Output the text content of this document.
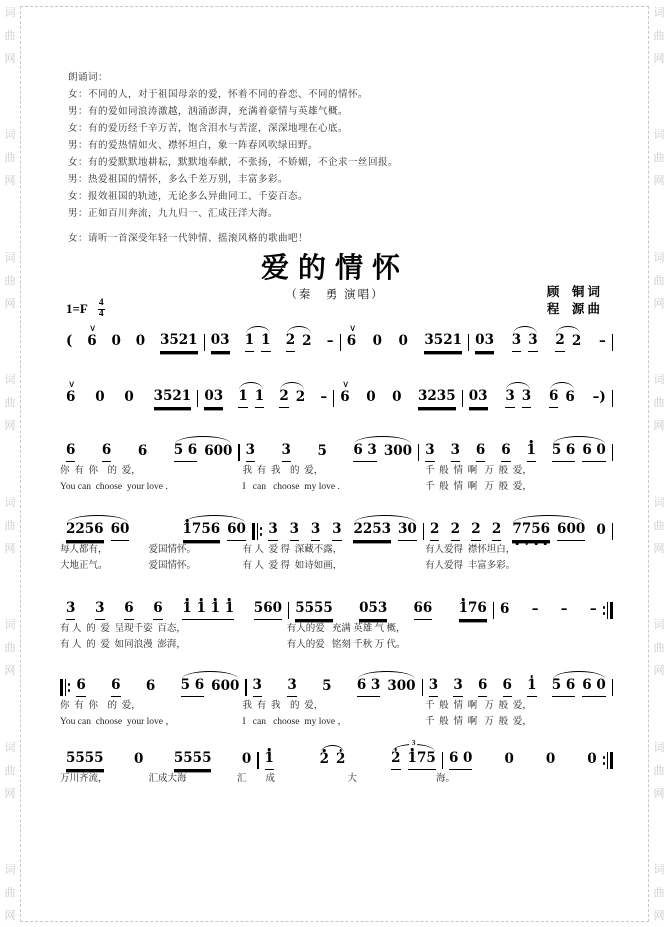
词
曲
网
词
曲
网
词
曲
网
词
曲
网
词
曲
网
词
曲
网
词
曲
网
词
曲
网
词
曲
网
词
曲
网
词
曲
网
词
曲
网
词
曲
网
词
曲
网
词
曲
网
词
曲
网
朗诵词：
女：不同的人，对于祖国母亲的爱，怀着不同的眷恋、不同的情怀。
男：有的爱如同浪涛激越，汹涌澎湃，充满着豪情与英雄气概。
女：有的爱历经千辛万苦，饱含泪水与苦涩，深深地埋在心底。
男：有的爱热情如火、襟怀坦白，象一阵春风吹绿田野。
女：有的爱默默地耕耘，默默地奉献，不张扬，不娇媚，不企求一丝回报。
男：热爱祖国的情怀，多么千差万别，丰富多彩。
女：报效祖国的轨迹，无论多么异曲同工、千姿百态。
男：正如百川奔流，九九归一、汇成汪洋大海。
女：请听一首深受年轻一代钟情、摇滚风格的歌曲吧！
爱的情怀
（秦　勇 演唱）	顾　铜 词
程　源 曲
$1=F \frac{4}{4}$
( > 6 0 0 3521 03 1 1 2 2 – > 6 0 0 3521 03 3 3 2 2 –
> 6 0 0 3521 03 1 1 2 2 – > 6 0 0 3235 03 3 3 6 6 –)
6 6 6 5 6 600 3 3 5 6 3 300 3 3 6 6 1 5 6 6 0
你  有  你    的  爱，	我  有  我    的  爱，	千  般  情  啊   万  般  爱，
You can  choose  your love .	I   can   choose  my love .	千  般  情  啊   万  般  爱，
2256 60	1756 60 3 3 3 3 2253 30 2 2 2 2 7756 600 0
每人都有，	爱国情怀。	有 人  爱 得  深藏不露，	有人爱得  襟怀坦白，
大地正气。	爱国情怀。	有 人  爱 得  如诗如画，	有人爱得  丰富多彩。
3 3 6 6 1 1 1 1 560 5555 053 66 176 6 – – –
有 人  的  爱  呈现千姿  百态，	有人的爱   充满 英雄 气 概，
有 人  的  爱  如同浪漫  澎湃，	有人的爱   铭刻 千秋 万 代。
6 6 6 5 6 600 3 3 5 6 3 300 3 3 6 6 1 5 6 6 0
你  有  你    的  爱，	我  有  我    的  爱，	千  般  情  啊   万  般  爱，
You can  choose  your love ，	I   can   choose  my love ，	千  般  情  啊   万  般  爱，
5555 0 5555 0 1	2 2	2 175
3 6 0 0 0 0
万川齐流，	汇成大海	汇　　成	大	海。
